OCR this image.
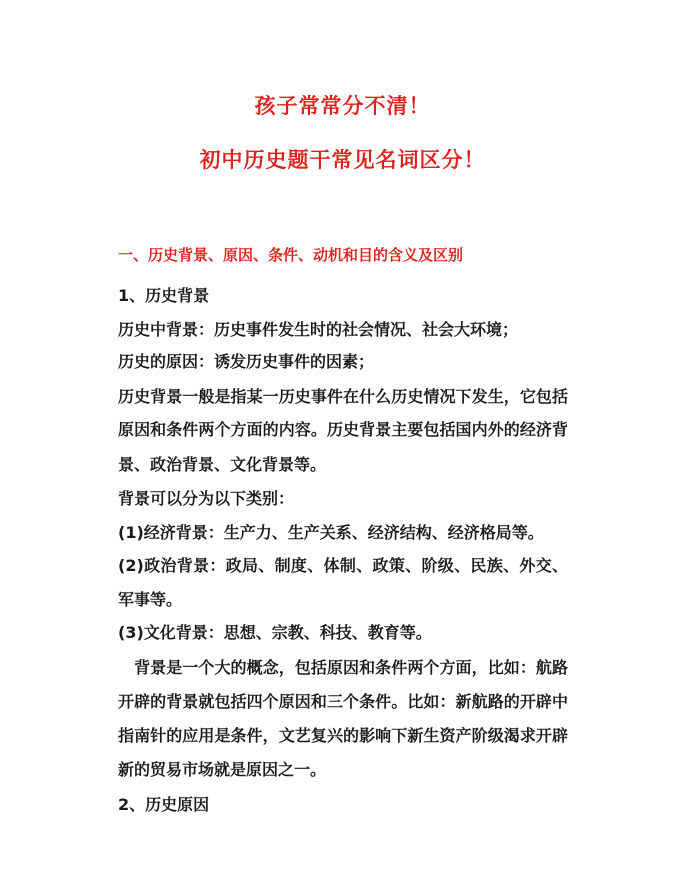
孩子常常分不清！
初中历史题干常见名词区分！
一、历史背景、原因、条件、动机和目的含义及区别
1、历史背景
历史中背景：历史事件发生时的社会情况、社会大环境；
历史的原因：诱发历史事件的因素；
历史背景一般是指某一历史事件在什么历史情况下发生，它包括
原因和条件两个方面的内容。历史背景主要包括国内外的经济背
景、政治背景、文化背景等。
背景可以分为以下类别：
(1)经济背景：生产力、生产关系、经济结构、经济格局等。
(2)政治背景：政局、制度、体制、政策、阶级、民族、外交、
军事等。
(3)文化背景：思想、宗教、科技、教育等。
　背景是一个大的概念，包括原因和条件两个方面，比如：航路
开辟的背景就包括四个原因和三个条件。比如：新航路的开辟中
指南针的应用是条件，文艺复兴的影响下新生资产阶级渴求开辟
新的贸易市场就是原因之一。
2、历史原因
